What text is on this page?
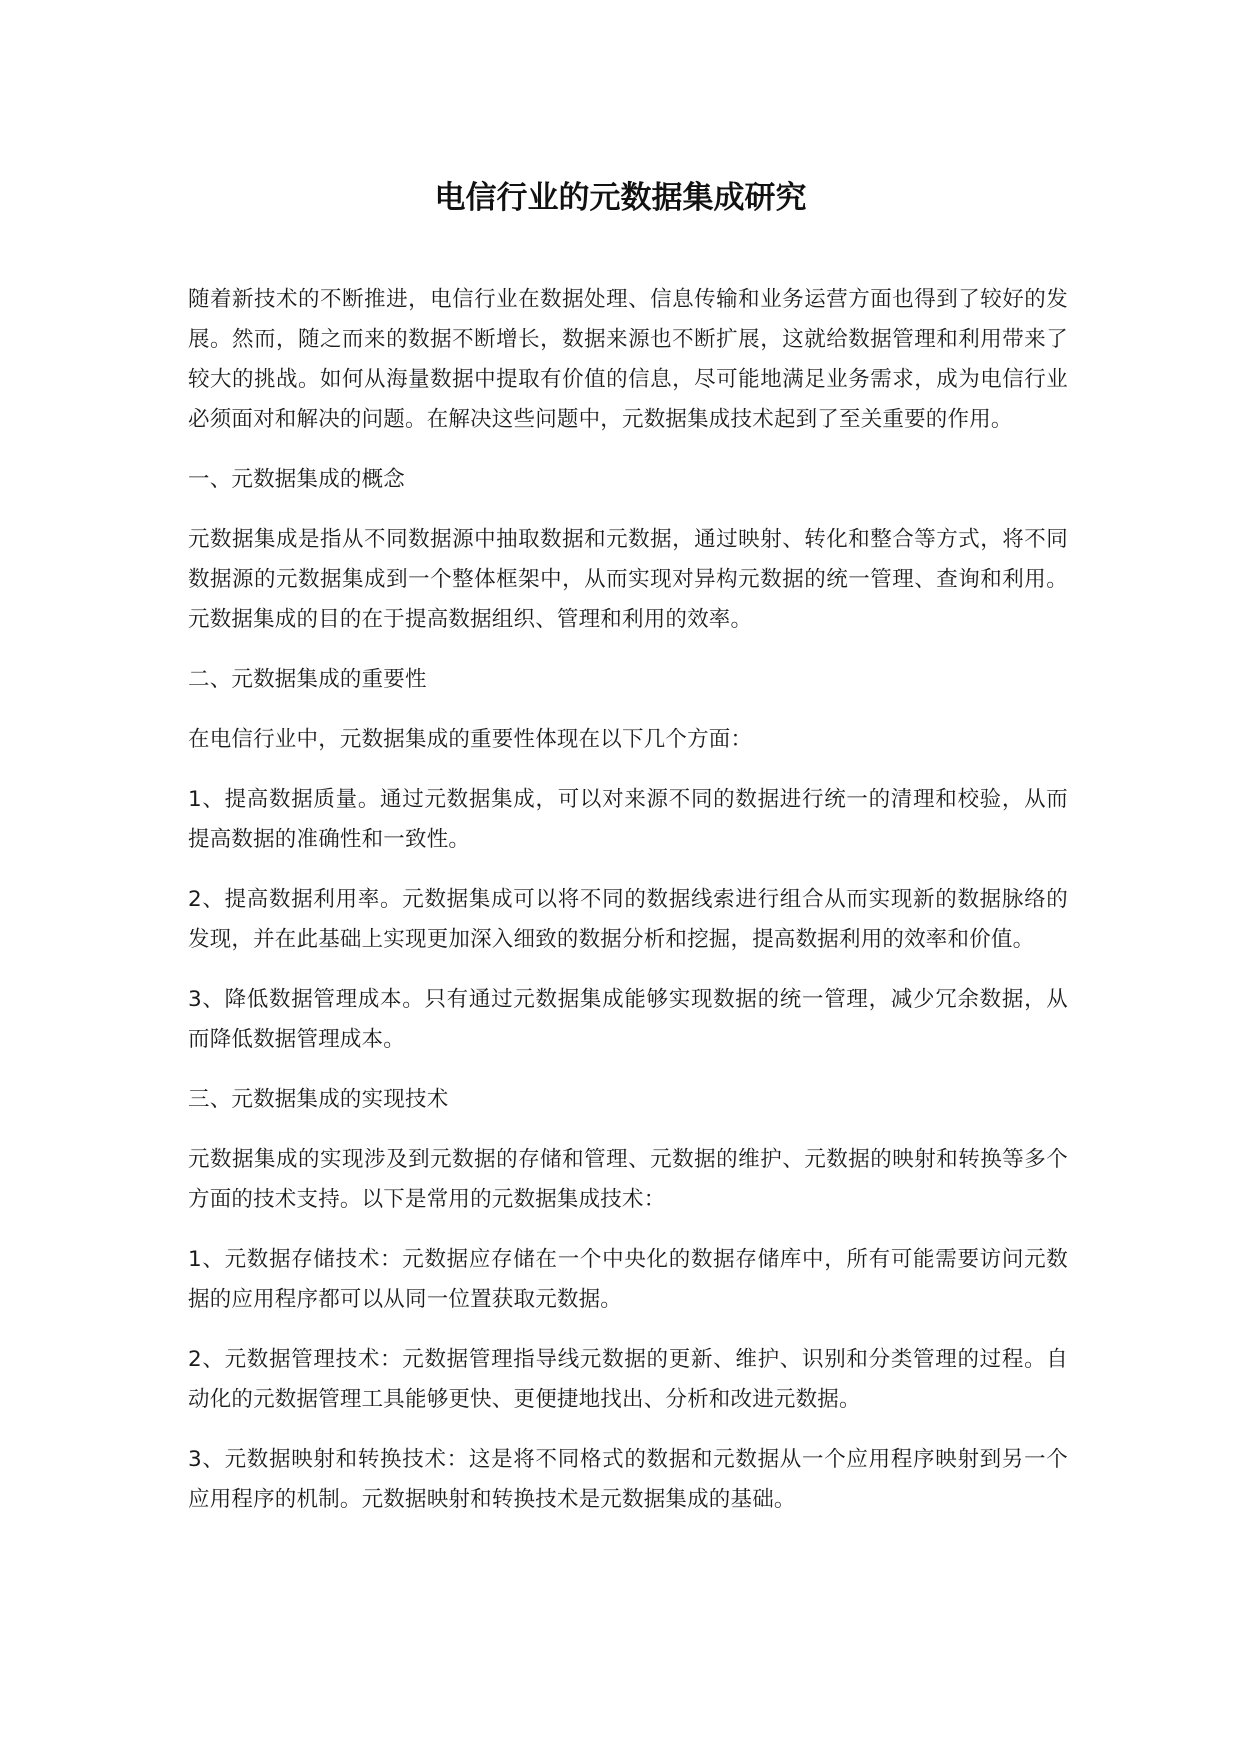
电信行业的元数据集成研究

随着新技术的不断推进，电信行业在数据处理、信息传输和业务运营方面也得到了较好的发展。然而，随之而来的数据不断增长，数据来源也不断扩展，这就给数据管理和利用带来了较大的挑战。如何从海量数据中提取有价值的信息，尽可能地满足业务需求，成为电信行业必须面对和解决的问题。在解决这些问题中，元数据集成技术起到了至关重要的作用。

一、元数据集成的概念

元数据集成是指从不同数据源中抽取数据和元数据，通过映射、转化和整合等方式，将不同数据源的元数据集成到一个整体框架中，从而实现对异构元数据的统一管理、查询和利用。元数据集成的目的在于提高数据组织、管理和利用的效率。

二、元数据集成的重要性

在电信行业中，元数据集成的重要性体现在以下几个方面：

1、提高数据质量。通过元数据集成，可以对来源不同的数据进行统一的清理和校验，从而提高数据的准确性和一致性。

2、提高数据利用率。元数据集成可以将不同的数据线索进行组合从而实现新的数据脉络的发现，并在此基础上实现更加深入细致的数据分析和挖掘，提高数据利用的效率和价值。

3、降低数据管理成本。只有通过元数据集成能够实现数据的统一管理，减少冗余数据，从而降低数据管理成本。

三、元数据集成的实现技术

元数据集成的实现涉及到元数据的存储和管理、元数据的维护、元数据的映射和转换等多个方面的技术支持。以下是常用的元数据集成技术：

1、元数据存储技术：元数据应存储在一个中央化的数据存储库中，所有可能需要访问元数据的应用程序都可以从同一位置获取元数据。

2、元数据管理技术：元数据管理指导线元数据的更新、维护、识别和分类管理的过程。自动化的元数据管理工具能够更快、更便捷地找出、分析和改进元数据。

3、元数据映射和转换技术：这是将不同格式的数据和元数据从一个应用程序映射到另一个应用程序的机制。元数据映射和转换技术是元数据集成的基础。
